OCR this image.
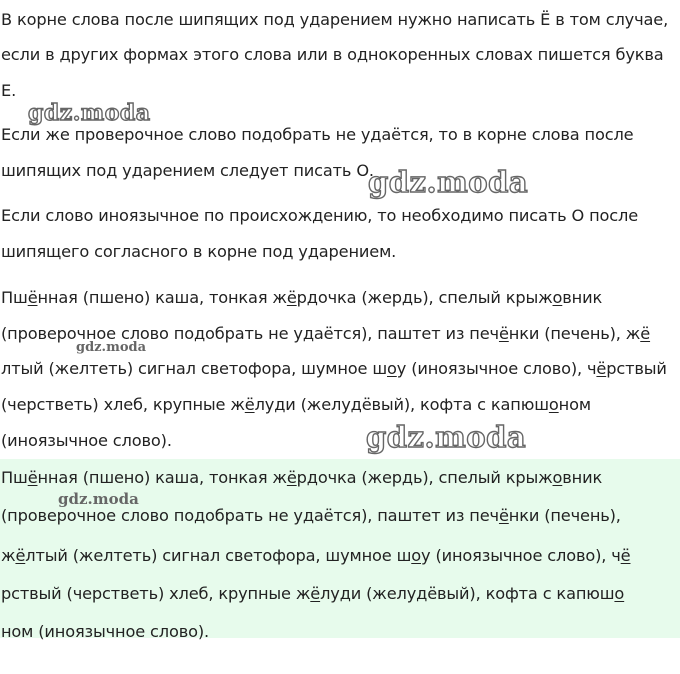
В корне слова после шипящих под ударением нужно написать Ё в том случае,
если в других формах этого слова или в однокоренных словах пишется буква
Е.
Если же проверочное слово подобрать не удаётся, то в корне слова после
шипящих под ударением следует писать О.
Если слово иноязычное по происхождению, то необходимо писать О после
шипящего согласного в корне под ударением.
Пшённая (пшено) каша, тонкая жёрдочка (жердь), спелый крыжовник
(проверочное слово подобрать не удаётся), паштет из печёнки (печень), жё
лтый (желтеть) сигнал светофора, шумное шоу (иноязычное слово), чёрствый
(черстветь) хлеб, крупные жёлуди (желудёвый), кофта с капюшоном
(иноязычное слово).
Пшённая (пшено) каша, тонкая жёрдочка (жердь), спелый крыжовник
(проверочное слово подобрать не удаётся), паштет из печёнки (печень),
жёлтый (желтеть) сигнал светофора, шумное шоу (иноязычное слово), чё
рствый (черстветь) хлеб, крупные жёлуди (желудёвый), кофта с капюшо
ном (иноязычное слово).
gdz.moda
gdz.moda
gdz.moda
gdz.moda
gdz.moda
